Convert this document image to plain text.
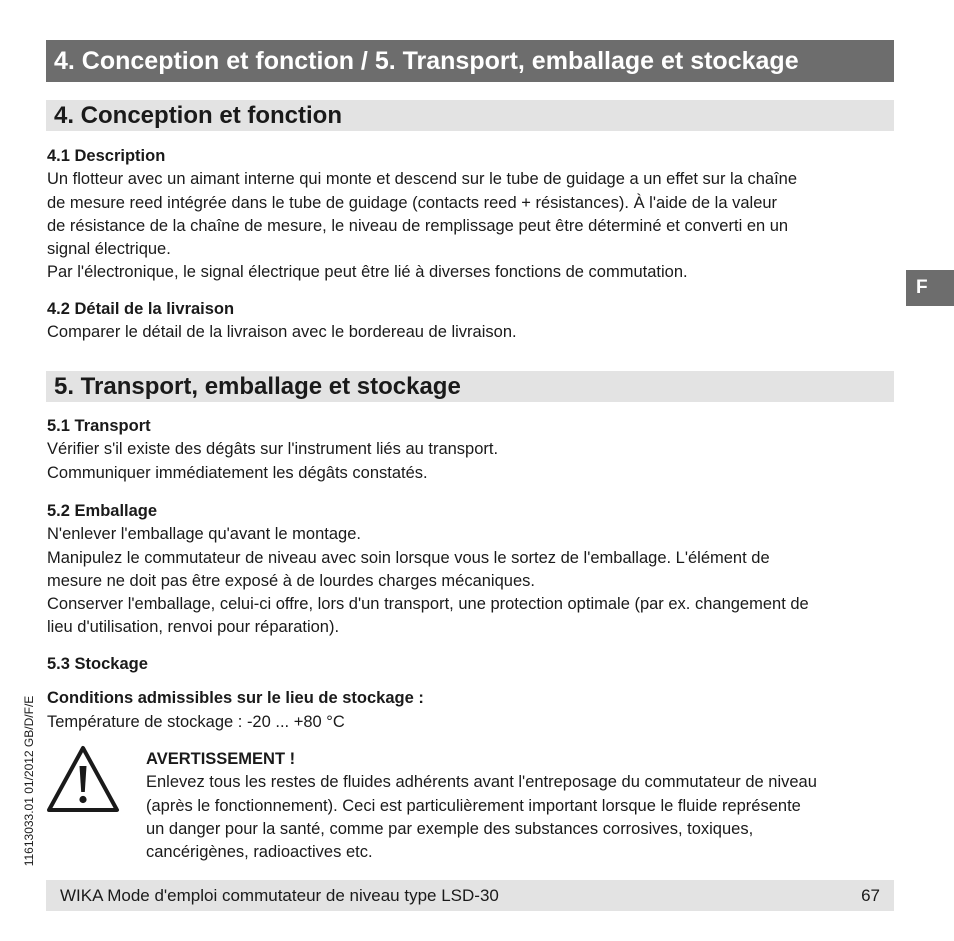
4. Conception et fonction / 5. Transport, emballage et stockage
4. Conception et fonction

4.1 Description

Un flotteur avec un aimant interne qui monte et descend sur le tube de guidage a un effet sur la chaîne

de mesure reed intégrée dans le tube de guidage (contacts reed + résistances). À l'aide de la valeur

de résistance de la chaîne de mesure, le niveau de remplissage peut être déterminé et converti en un

signal électrique.

Par l'électronique, le signal électrique peut être lié à diverses fonctions de commutation.

4.2 Détail de la livraison

Comparer le détail de la livraison avec le bordereau de livraison.

5. Transport, emballage et stockage

5.1 Transport

Vérifier s'il existe des dégâts sur l'instrument liés au transport.

Communiquer immédiatement les dégâts constatés.

5.2 Emballage

N'enlever l'emballage qu'avant le montage.

Manipulez le commutateur de niveau avec soin lorsque vous le sortez de l'emballage. L'élément de

mesure ne doit pas être exposé à de lourdes charges mécaniques.

Conserver l'emballage, celui-ci offre, lors d'un transport, une protection optimale (par ex. changement de

lieu d'utilisation, renvoi pour réparation).

5.3 Stockage

Conditions admissibles sur le lieu de stockage :

Température de stockage : -20 ... +80 °C

AVERTISSEMENT !

Enlevez tous les restes de fluides adhérents avant l'entreposage du commutateur de niveau

(après le fonctionnement). Ceci est particulièrement important lorsque le fluide représente

un danger pour la santé, comme par exemple des substances corrosives, toxiques,

cancérigènes, radioactives etc.

F
11613033.01 01/2012 GB/D/F/E
WIKA Mode d'emploi commutateur de niveau type LSD-30	67
